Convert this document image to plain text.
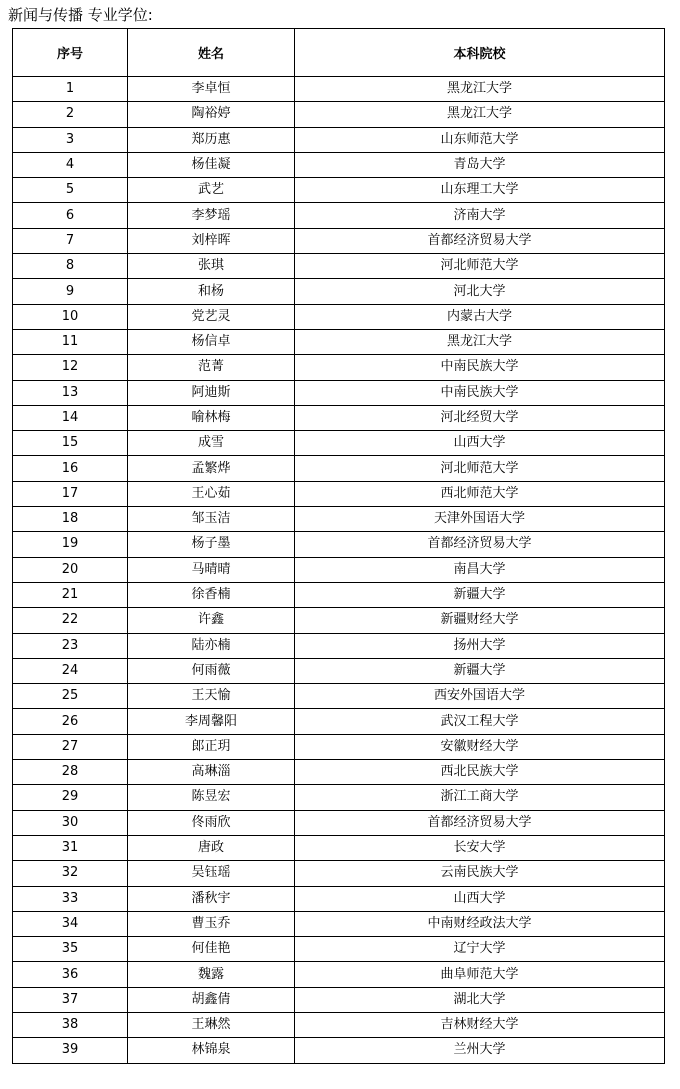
新闻与传播 专业学位:
序号	姓名	本科院校
1	李卓恒	黑龙江大学
2	陶裕婷	黑龙江大学
3	郑历惠	山东师范大学
4	杨佳凝	青岛大学
5	武艺	山东理工大学
6	李梦瑶	济南大学
7	刘梓晖	首都经济贸易大学
8	张琪	河北师范大学
9	和杨	河北大学
10	党艺灵	内蒙古大学
11	杨信卓	黑龙江大学
12	范菁	中南民族大学
13	阿迪斯	中南民族大学
14	喻林梅	河北经贸大学
15	成雪	山西大学
16	孟繁烨	河北师范大学
17	王心茹	西北师范大学
18	邹玉洁	天津外国语大学
19	杨子墨	首都经济贸易大学
20	马晴晴	南昌大学
21	徐香楠	新疆大学
22	许鑫	新疆财经大学
23	陆亦楠	扬州大学
24	何雨薇	新疆大学
25	王天愉	西安外国语大学
26	李周馨阳	武汉工程大学
27	郎正玥	安徽财经大学
28	高琳淄	西北民族大学
29	陈昱宏	浙江工商大学
30	佟雨欣	首都经济贸易大学
31	唐政	长安大学
32	吴钰瑶	云南民族大学
33	潘秋宇	山西大学
34	曹玉乔	中南财经政法大学
35	何佳艳	辽宁大学
36	魏露	曲阜师范大学
37	胡鑫倩	湖北大学
38	王琳然	吉林财经大学
39	林锦泉	兰州大学
